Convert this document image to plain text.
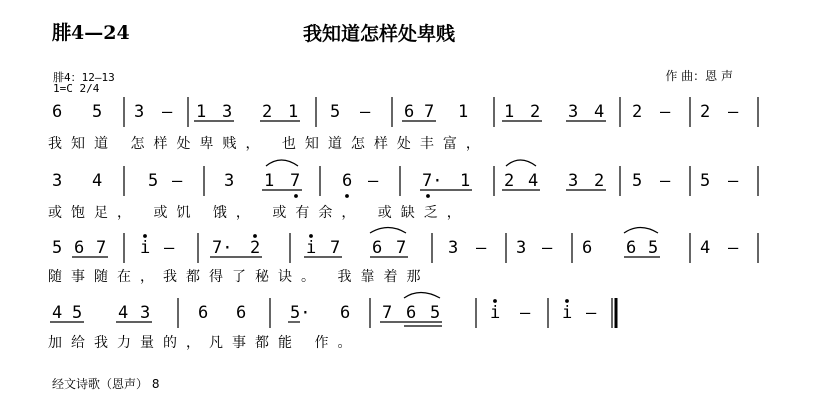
腓4—24	我知道怎样处卑贱
腓4：12—13
1=C 2/4
作 曲：恩 声
6 5 3 – 1 3 2 1 5 – 6 7 1 1 2 3 4 2 – 2 –
我知道 怎样处卑贱， 也知道怎样处丰富，
3 4	5 – 3 1 7 6 –	7· 1 2 4 3 2 5 – 5 –
或饱足， 或饥 饿， 或有余， 或缺乏，
5 6 7 i – 7· 2	i 7 6 7 3 – 3 – 6 6 5 4 –
随事随在，我都得了秘诀。 我靠着那
4 5 4 3	6 6	5· 6 7 6 5	i – i –
加给我力量的，凡事都能 作。
经文诗歌（恩声） 8
